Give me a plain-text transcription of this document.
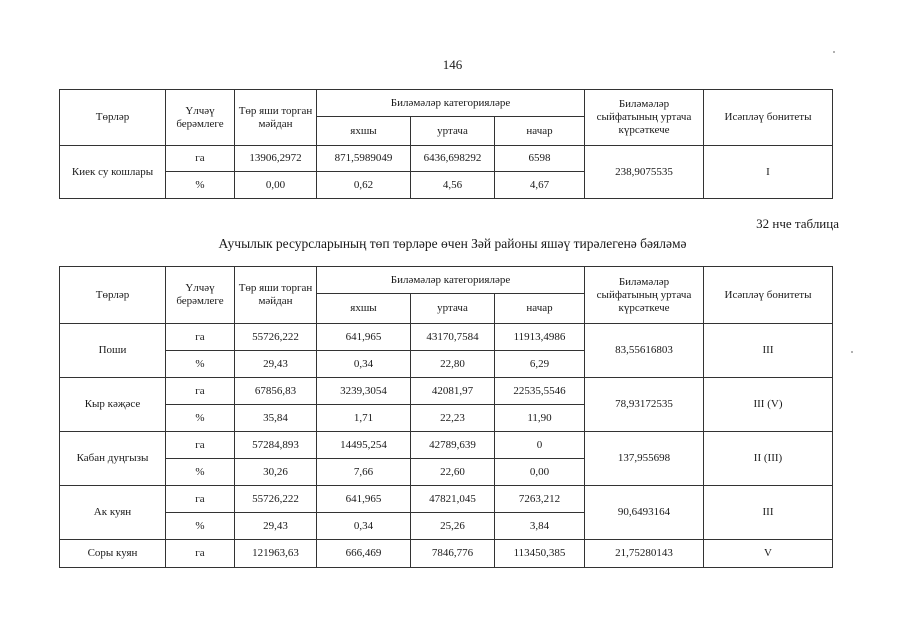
146
Төрләр	Үлчәү берәмлеге	Төр яши торган мәйдан	Биләмәләр категорияләре			Биләмәләр сыйфатының уртача күрсәткече	Исәпләү бонитеты
			яхшы	уртача	начар		
Киек су кошлары	га	13906,2972	871,5989049	6436,698292	6598	238,9075535	I
	%	0,00	0,62	4,56	4,67		
32 нче таблица
Аучылык ресурсларының төп төрләре өчен Зәй районы яшәү тирәлегенә бәяләмә
Төрләр	Үлчәү берәмлеге	Төр яши торган мәйдан	Биләмәләр категорияләре			Биләмәләр сыйфатының уртача күрсәткече	Исәпләү бонитеты
			яхшы	уртача	начар		
Поши	га	55726,222	641,965	43170,7584	11913,4986	83,55616803	III
	%	29,43	0,34	22,80	6,29		
Кыр кәҗәсе	га	67856,83	3239,3054	42081,97	22535,5546	78,93172535	III (V)
	%	35,84	1,71	22,23	11,90		
Кабан дуңгызы	га	57284,893	14495,254	42789,639	0	137,955698	II (III)
	%	30,26	7,66	22,60	0,00		
Ак куян	га	55726,222	641,965	47821,045	7263,212	90,6493164	III
	%	29,43	0,34	25,26	3,84		
Соры куян	га	121963,63	666,469	7846,776	113450,385	21,75280143	V
